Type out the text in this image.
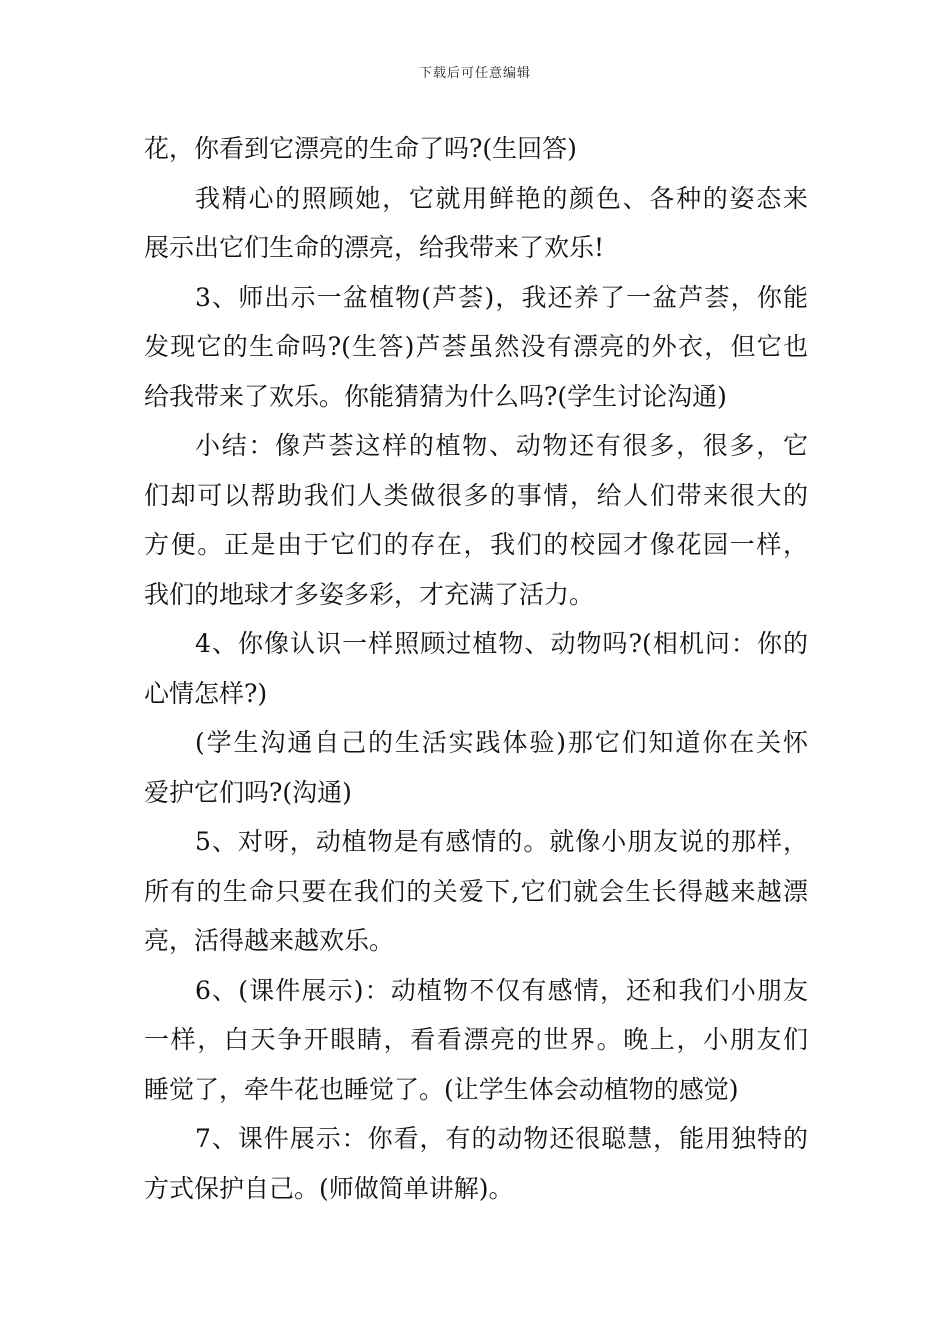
下载后可任意编辑
花，你看到它漂亮的生命了吗?(生回答)
我精心的照顾她，它就用鲜艳的颜色、各种的姿态来
展示出它们生命的漂亮，给我带来了欢乐!
3、师出示一盆植物(芦荟)，我还养了一盆芦荟，你能
发现它的生命吗?(生答)芦荟虽然没有漂亮的外衣，但它也
给我带来了欢乐。你能猜猜为什么吗?(学生讨论沟通)
小结：像芦荟这样的植物、动物还有很多，很多，它
们却可以帮助我们人类做很多的事情，给人们带来很大的
方便。正是由于它们的存在，我们的校园才像花园一样，
我们的地球才多姿多彩，才充满了活力。
4、你像认识一样照顾过植物、动物吗?(相机问：你的
心情怎样?)
(学生沟通自己的生活实践体验)那它们知道你在关怀
爱护它们吗?(沟通)
5、对呀，动植物是有感情的。就像小朋友说的那样，
所有的生命只要在我们的关爱下,它们就会生长得越来越漂
亮，活得越来越欢乐。
6、(课件展示)：动植物不仅有感情，还和我们小朋友
一样，白天争开眼睛，看看漂亮的世界。晚上，小朋友们
睡觉了，牵牛花也睡觉了。(让学生体会动植物的感觉)
7、课件展示：你看，有的动物还很聪慧，能用独特的
方式保护自己。(师做简单讲解)。
